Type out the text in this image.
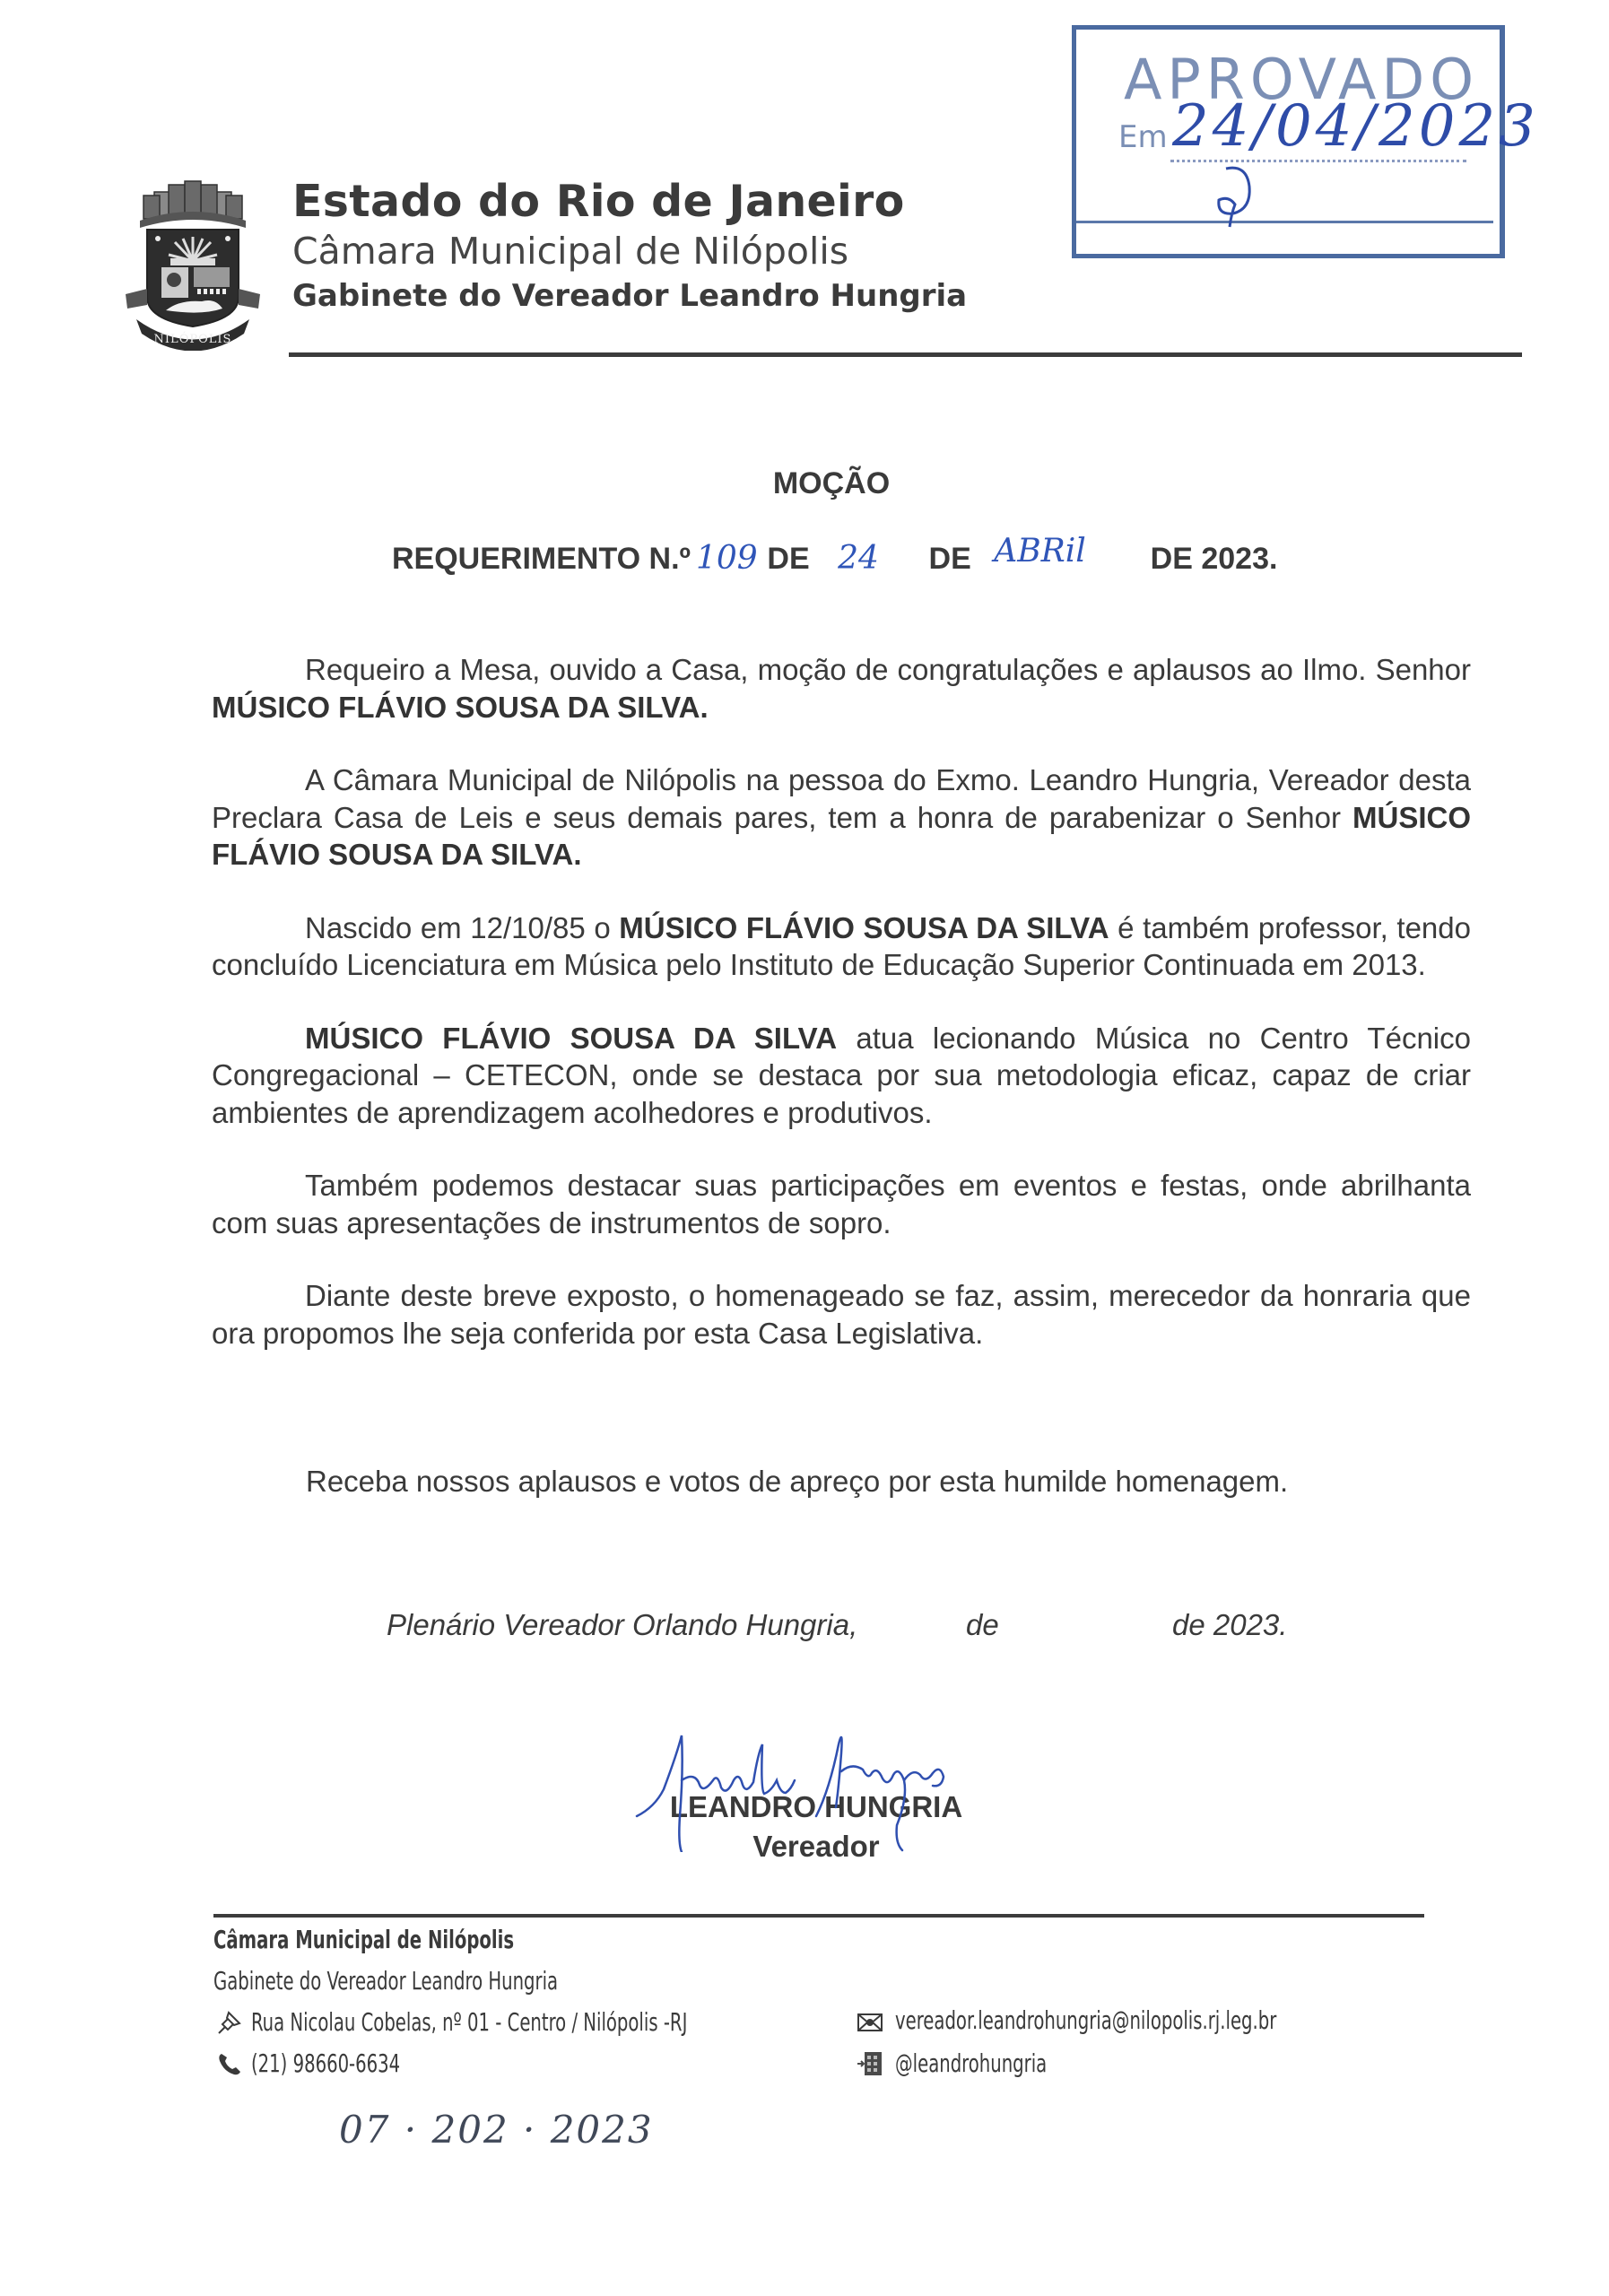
NILÓPOLIS
Estado do Rio de Janeiro
Câmara Municipal de Nilópolis
Gabinete do Vereador Leandro Hungria
APROVADO
Em 24/04/2023
MOÇÃO
REQUERIMENTO N.º 109 DE 24 DE ABRil DE 2023.

Requeiro a Mesa, ouvido a Casa, moção de congratulações e aplausos ao Ilmo. Senhor MÚSICO FLÁVIO SOUSA DA SILVA.

A Câmara Municipal de Nilópolis na pessoa do Exmo. Leandro Hungria, Vereador desta Preclara Casa de Leis e seus demais pares, tem a honra de parabenizar o Senhor MÚSICO FLÁVIO SOUSA DA SILVA.

Nascido em 12/10/85 o MÚSICO FLÁVIO SOUSA DA SILVA é também professor, tendo concluído Licenciatura em Música pelo Instituto de Educação Superior Continuada em 2013.

MÚSICO FLÁVIO SOUSA DA SILVA atua lecionando Música no Centro Técnico Congregacional – CETECON, onde se destaca por sua metodologia eficaz, capaz de criar ambientes de aprendizagem acolhedores e produtivos.

Também podemos destacar suas participações em eventos e festas, onde abrilhanta com suas apresentações de instrumentos de sopro.

Diante deste breve exposto, o homenageado se faz, assim, merecedor da honraria que ora propomos lhe seja conferida por esta Casa Legislativa.

Receba nossos aplausos e votos de apreço por esta humilde homenagem.
Plenário Vereador Orlando Hungria,	de	de 2023.
LEANDRO HUNGRIA
Vereador
Câmara Municipal de Nilópolis
Gabinete do Vereador Leandro Hungria
Rua Nicolau Cobelas, nº 01 - Centro / Nilópolis -RJ
(21) 98660-6634
vereador.leandrohungria@nilopolis.rj.leg.br
@leandrohungria
07 · 202 · 2023
